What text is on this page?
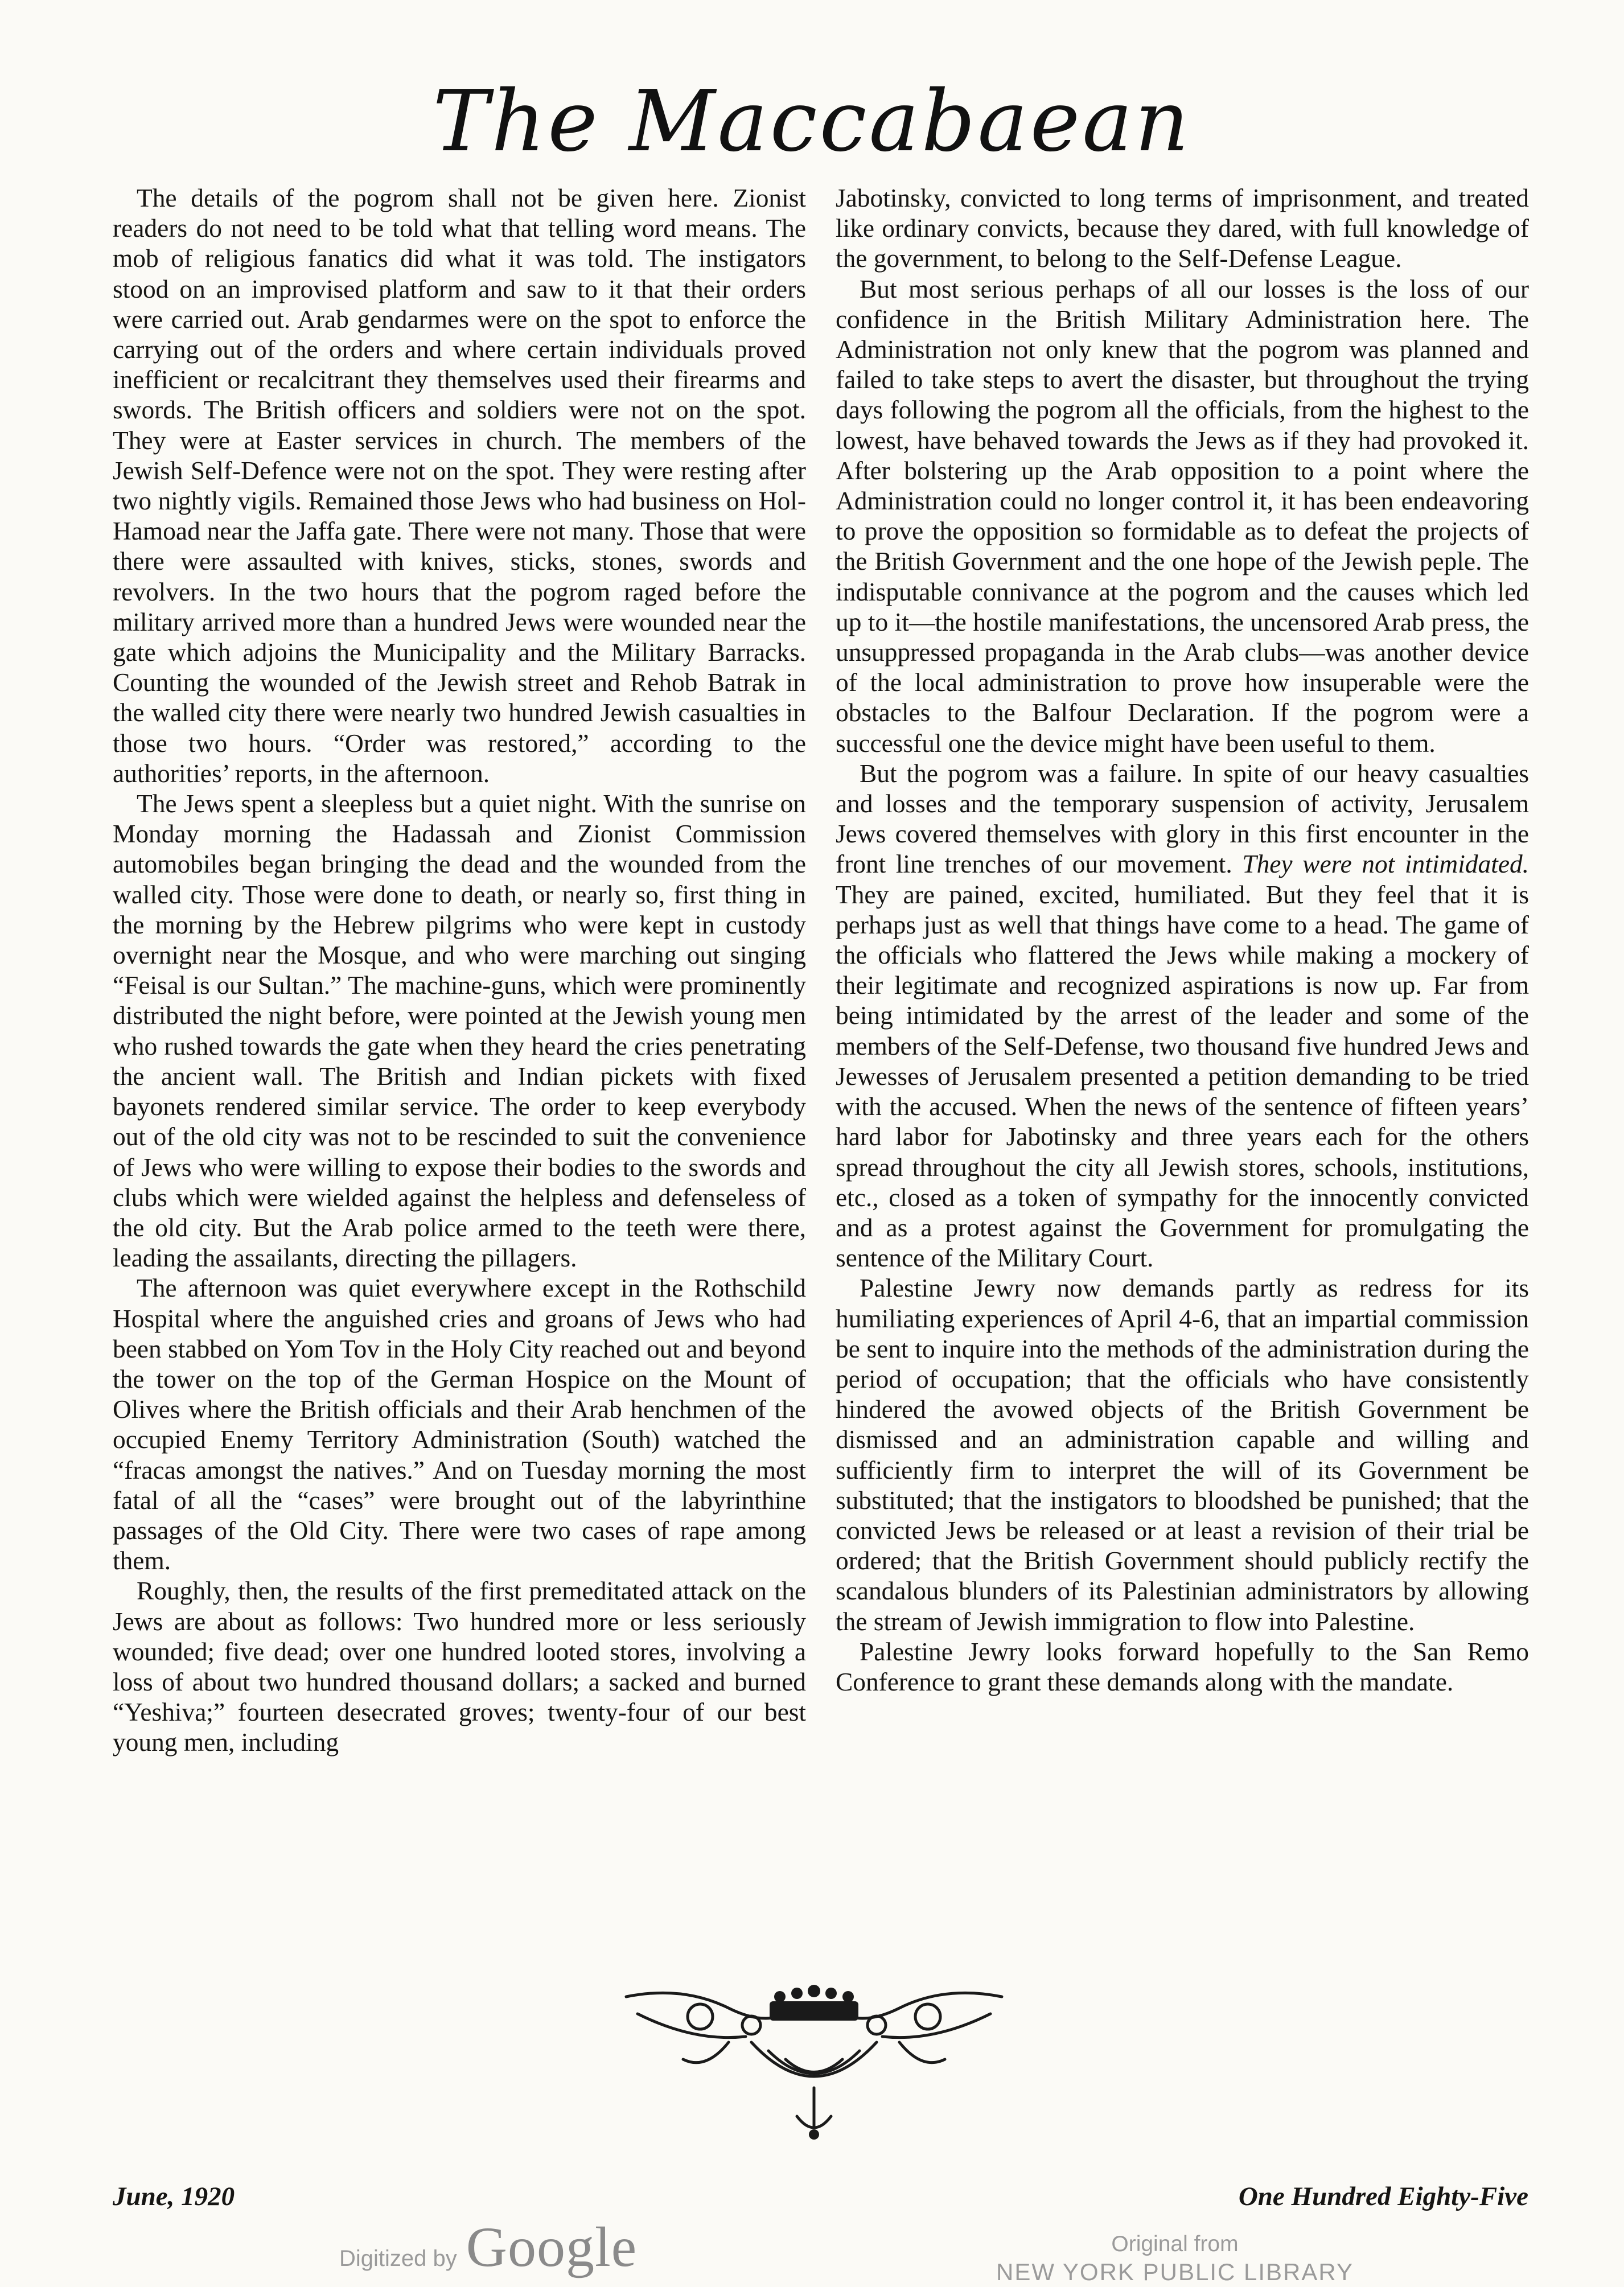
The Maccabaean

The details of the pogrom shall not be given here. Zionist readers do not need to be told what that telling word means. The mob of religious fanatics did what it was told. The instigators stood on an improvised platform and saw to it that their orders were carried out. Arab gendarmes were on the spot to enforce the carrying out of the orders and where certain individuals proved inefficient or recalcitrant they themselves used their firearms and swords. The British officers and soldiers were not on the spot. They were at Easter services in church. The members of the Jewish Self-Defence were not on the spot. They were resting after two nightly vigils. Remained those Jews who had business on Hol-Hamoad near the Jaffa gate. There were not many. Those that were there were assaulted with knives, sticks, stones, swords and revolvers. In the two hours that the pogrom raged before the military arrived more than a hundred Jews were wounded near the gate which adjoins the Municipality and the Military Barracks. Counting the wounded of the Jewish street and Rehob Batrak in the walled city there were nearly two hundred Jewish casualties in those two hours. “Order was restored,” according to the authorities’ reports, in the afternoon.

The Jews spent a sleepless but a quiet night. With the sunrise on Monday morning the Hadassah and Zionist Commission automobiles began bringing the dead and the wounded from the walled city. Those were done to death, or nearly so, first thing in the morning by the Hebrew pilgrims who were kept in custody overnight near the Mosque, and who were marching out singing “Feisal is our Sultan.” The machine-guns, which were prominently distributed the night before, were pointed at the Jewish young men who rushed towards the gate when they heard the cries penetrating the ancient wall. The British and Indian pickets with fixed bayonets rendered similar service. The order to keep everybody out of the old city was not to be rescinded to suit the convenience of Jews who were willing to expose their bodies to the swords and clubs which were wielded against the helpless and defenseless of the old city. But the Arab police armed to the teeth were there, leading the assailants, directing the pillagers.

The afternoon was quiet everywhere except in the Rothschild Hospital where the anguished cries and groans of Jews who had been stabbed on Yom Tov in the Holy City reached out and beyond the tower on the top of the German Hospice on the Mount of Olives where the British officials and their Arab henchmen of the occupied Enemy Territory Administration (South) watched the “fracas amongst the natives.” And on Tuesday morning the most fatal of all the “cases” were brought out of the labyrinthine passages of the Old City. There were two cases of rape among them.

Roughly, then, the results of the first premeditated attack on the Jews are about as follows: Two hundred more or less seriously wounded; five dead; over one hundred looted stores, involving a loss of about two hundred thousand dollars; a sacked and burned “Yeshiva;” fourteen desecrated groves; twenty-four of our best young men, including

Jabotinsky, convicted to long terms of imprisonment, and treated like ordinary convicts, because they dared, with full knowledge of the government, to belong to the Self-Defense League.

But most serious perhaps of all our losses is the loss of our confidence in the British Military Administration here. The Administration not only knew that the pogrom was planned and failed to take steps to avert the disaster, but throughout the trying days following the pogrom all the officials, from the highest to the lowest, have behaved towards the Jews as if they had provoked it. After bolstering up the Arab opposition to a point where the Administration could no longer control it, it has been endeavoring to prove the opposition so formidable as to defeat the projects of the British Government and the one hope of the Jewish peple. The indisputable connivance at the pogrom and the causes which led up to it—the hostile manifestations, the uncensored Arab press, the unsuppressed propaganda in the Arab clubs—was another device of the local administration to prove how insuperable were the obstacles to the Balfour Declaration. If the pogrom were a successful one the device might have been useful to them.

But the pogrom was a failure. In spite of our heavy casualties and losses and the temporary suspension of activity, Jerusalem Jews covered themselves with glory in this first encounter in the front line trenches of our movement. They were not intimidated. They are pained, excited, humiliated. But they feel that it is perhaps just as well that things have come to a head. The game of the officials who flattered the Jews while making a mockery of their legitimate and recognized aspirations is now up. Far from being intimidated by the arrest of the leader and some of the members of the Self-Defense, two thousand five hundred Jews and Jewesses of Jerusalem presented a petition demanding to be tried with the accused. When the news of the sentence of fifteen years’ hard labor for Jabotinsky and three years each for the others spread throughout the city all Jewish stores, schools, institutions, etc., closed as a token of sympathy for the innocently convicted and as a protest against the Government for promulgating the sentence of the Military Court.

Palestine Jewry now demands partly as redress for its humiliating experiences of April 4-6, that an impartial commission be sent to inquire into the methods of the administration during the period of occupation; that the officials who have consistently hindered the avowed objects of the British Government be dismissed and an administration capable and willing and sufficiently firm to interpret the will of its Government be substituted; that the instigators to bloodshed be punished; that the convicted Jews be released or at least a revision of their trial be ordered; that the British Government should publicly rectify the scandalous blunders of its Palestinian administrators by allowing the stream of Jewish immigration to flow into Palestine.

Palestine Jewry looks forward hopefully to the San Remo Conference to grant these demands along with the mandate.

June, 1920	One Hundred Eighty-Five
Digitized by Google	Original from
NEW YORK PUBLIC LIBRARY
